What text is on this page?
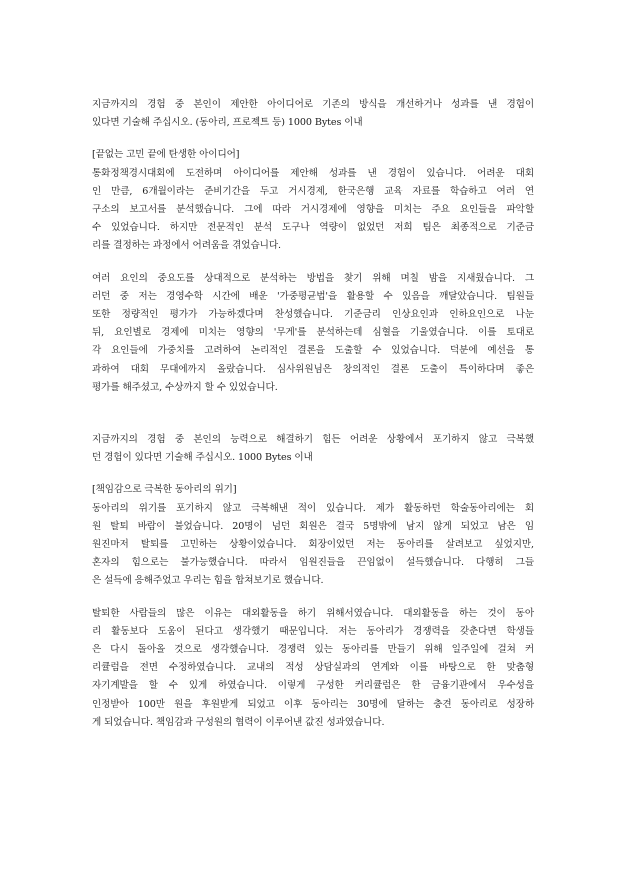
지금까지의 경험 중 본인이 제안한 아이디어로 기존의 방식을 개선하거나 성과를 낸 경험이
있다면 기술해 주십시오. (동아리, 프로젝트 등) 1000 Bytes 이내
[끝없는 고민 끝에 탄생한 아이디어]
통화정책경시대회에 도전하며 아이디어를 제안해 성과를 낸 경험이 있습니다. 어려운 대회
인 만큼, 6개월이라는 준비기간을 두고 거시경제, 한국은행 교육 자료를 학습하고 여러 연
구소의 보고서를 분석했습니다. 그에 따라 거시경제에 영향을 미치는 주요 요인들을 파악할
수 있었습니다. 하지만 전문적인 분석 도구나 역량이 없었던 저희 팀은 최종적으로 기준금
리를 결정하는 과정에서 어려움을 겪었습니다.
여러 요인의 중요도를 상대적으로 분석하는 방법을 찾기 위해 며칠 밤을 지새웠습니다. 그
러던 중 저는 경영수학 시간에 배운 '가중평균법'을 활용할 수 있음을 깨달았습니다. 팀원들
또한 정량적인 평가가 가능하겠다며 찬성했습니다. 기준금리 인상요인과 인하요인으로 나눈
뒤, 요인별로 경제에 미치는 영향의 '무게'를 분석하는데 심혈을 기울였습니다. 이를 토대로
각 요인들에 가중치를 고려하여 논리적인 결론을 도출할 수 있었습니다. 덕분에 예선을 통
과하여 대회 무대에까지 올랐습니다. 심사위원님은 창의적인 결론 도출이 특이하다며 좋은
평가를 해주셨고, 수상까지 할 수 있었습니다.
지금까지의 경험 중 본인의 능력으로 해결하기 힘든 어려운 상황에서 포기하지 않고 극복했
던 경험이 있다면 기술해 주십시오. 1000 Bytes 이내
[책임감으로 극복한 동아리의 위기]
동아리의 위기를 포기하지 않고 극복해낸 적이 있습니다. 제가 활동하던 학술동아리에는 회
원 탈퇴 바람이 불었습니다. 20명이 넘던 회원은 결국 5명밖에 남지 않게 되었고 남은 임
원진마저 탈퇴를 고민하는 상황이었습니다. 회장이었던 저는 동아리를 살려보고 싶었지만,
혼자의 힘으로는 불가능했습니다. 따라서 임원진들을 끈임없이 설득했습니다. 다행히 그들
은 설득에 응해주었고 우리는 힘을 합쳐보기로 했습니다.
탈퇴한 사람들의 많은 이유는 대외활동을 하기 위해서였습니다. 대외활동을 하는 것이 동아
리 활동보다 도움이 된다고 생각했기 때문입니다. 저는 동아리가 경쟁력을 갖춘다면 학생들
은 다시 돌아올 것으로 생각했습니다. 경쟁력 있는 동아리를 만들기 위해 일주일에 걸쳐 커
리큘럼을 전면 수정하였습니다. 교내의 적성 상담실과의 연계와 이를 바탕으로 한 맞춤형
자기계발을 할 수 있게 하였습니다. 이렇게 구성한 커리큘럼은 한 금융기관에서 우수성을
인정받아 100만 원을 후원받게 되었고 이후 동아리는 30명에 달하는 충견 동아리로 성장하
게 되었습니다. 책임감과 구성원의 협력이 이루어낸 값진 성과였습니다.
